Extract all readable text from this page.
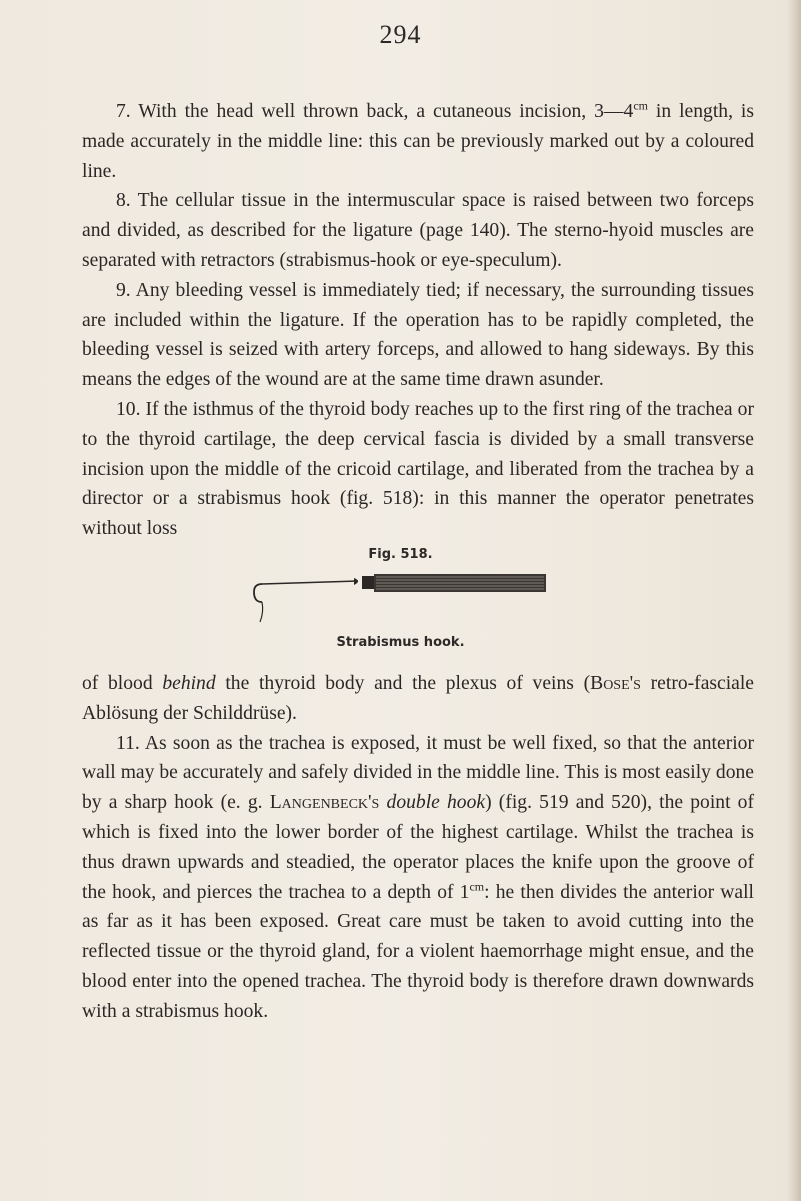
294

7. With the head well thrown back, a cutaneous incision, $3—4^{cm}$ in length, is made accurately in the middle line: this can be previously marked out by a coloured line.

8. The cellular tissue in the intermuscular space is raised between two forceps and divided, as described for the ligature (page 140). The sterno-hyoid muscles are separated with retractors (strabismus-hook or eye-speculum).

9. Any bleeding vessel is immediately tied; if necessary, the surrounding tissues are included within the ligature. If the operation has to be rapidly completed, the bleeding vessel is seized with artery forceps, and allowed to hang sideways. By this means the edges of the wound are at the same time drawn asunder.

10. If the isthmus of the thyroid body reaches up to the first ring of the trachea or to the thyroid cartilage, the deep cervical fascia is divided by a small transverse incision upon the middle of the cricoid cartilage, and liberated from the trachea by a director or a strabismus hook (fig. 518): in this manner the operator penetrates without loss

Fig. 518.
Strabismus hook.

of blood behind the thyroid body and the plexus of veins (Bose's retro-fasciale Ablösung der Schilddrüse).

11. As soon as the trachea is exposed, it must be well fixed, so that the anterior wall may be accurately and safely divided in the middle line. This is most easily done by a sharp hook (e. g. Langenbeck's double hook) (fig. 519 and 520), the point of which is fixed into the lower border of the highest cartilage. Whilst the trachea is thus drawn upwards and steadied, the operator places the knife upon the groove of the hook, and pierces the trachea to a depth of $1^{cm}$: he then divides the anterior wall as far as it has been exposed. Great care must be taken to avoid cutting into the reflected tissue or the thyroid gland, for a violent haemorrhage might ensue, and the blood enter into the opened trachea. The thyroid body is therefore drawn downwards with a strabismus hook.
